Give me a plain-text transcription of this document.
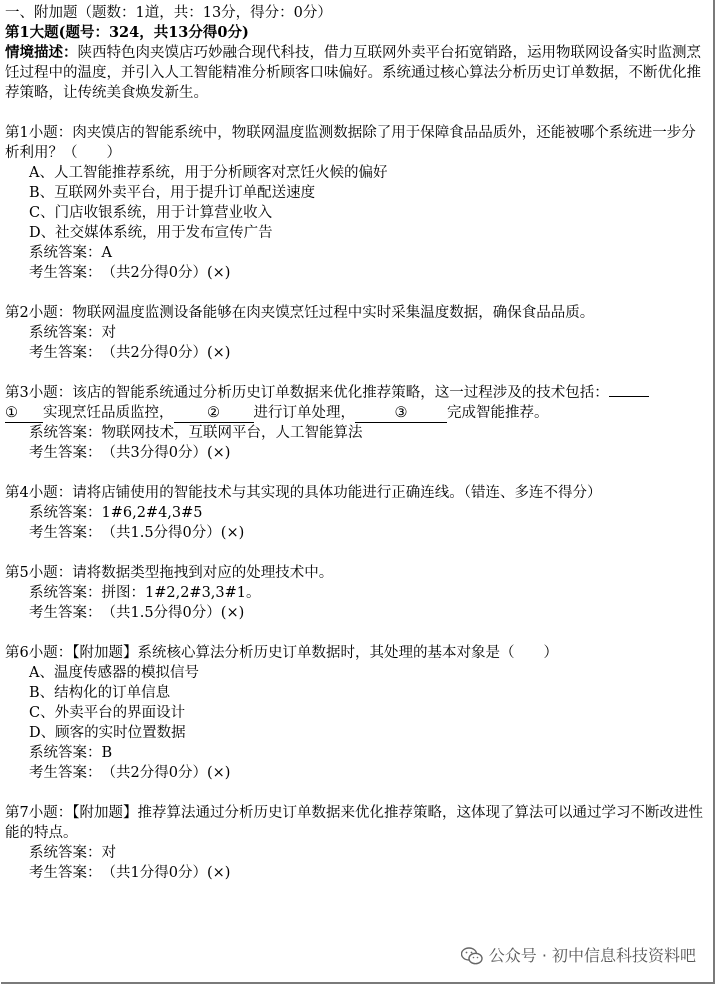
一、附加题（题数：1道，共：13分，得分：0分）
第1大题(题号：324，共13分得0分)
情境描述：陕西特色肉夹馍店巧妙融合现代科技，借力互联网外卖平台拓宽销路，运用物联网设备实时监测烹饪过程中的温度，并引入人工智能精准分析顾客口味偏好。系统通过核心算法分析历史订单数据，不断优化推荐策略，让传统美食焕发新生。
第1小题：肉夹馍店的智能系统中，物联网温度监测数据除了用于保障食品品质外，还能被哪个系统进一步分析利用？（　　）
A、人工智能推荐系统，用于分析顾客对烹饪火候的偏好
B、互联网外卖平台，用于提升订单配送速度
C、门店收银系统，用于计算营业收入
D、社交媒体系统，用于发布宣传广告
系统答案：A
考生答案：　（共2分得0分）(×)
第2小题：物联网温度监测设备能够在肉夹馍烹饪过程中实时采集温度数据，确保食品品质。
系统答案：对
考生答案：　（共2分得0分）(×)
第3小题：该店的智能系统通过分析历史订单数据来优化推荐策略，这一过程涉及的技术包括：
① 实现烹饪品质监控， ② 进行订单处理，	③	完成智能推荐。
系统答案：物联网技术，互联网平台，人工智能算法
考生答案：　（共3分得0分）(×)
第4小题：请将店铺使用的智能技术与其实现的具体功能进行正确连线。（错连、多连不得分）
系统答案：1#6,2#4,3#5
考生答案：　（共1.5分得0分）(×)
第5小题：请将数据类型拖拽到对应的处理技术中。
系统答案：拼图：1#2,2#3,3#1。
考生答案：　（共1.5分得0分）(×)
第6小题：【附加题】系统核心算法分析历史订单数据时，其处理的基本对象是（　　）
A、温度传感器的模拟信号
B、结构化的订单信息
C、外卖平台的界面设计
D、顾客的实时位置数据
系统答案：B
考生答案：　（共2分得0分）(×)
第7小题：【附加题】推荐算法通过分析历史订单数据来优化推荐策略，这体现了算法可以通过学习不断改进性能的特点。
系统答案：对
考生答案：　（共1分得0分）(×)
公众号 · 初中信息科技资料吧
